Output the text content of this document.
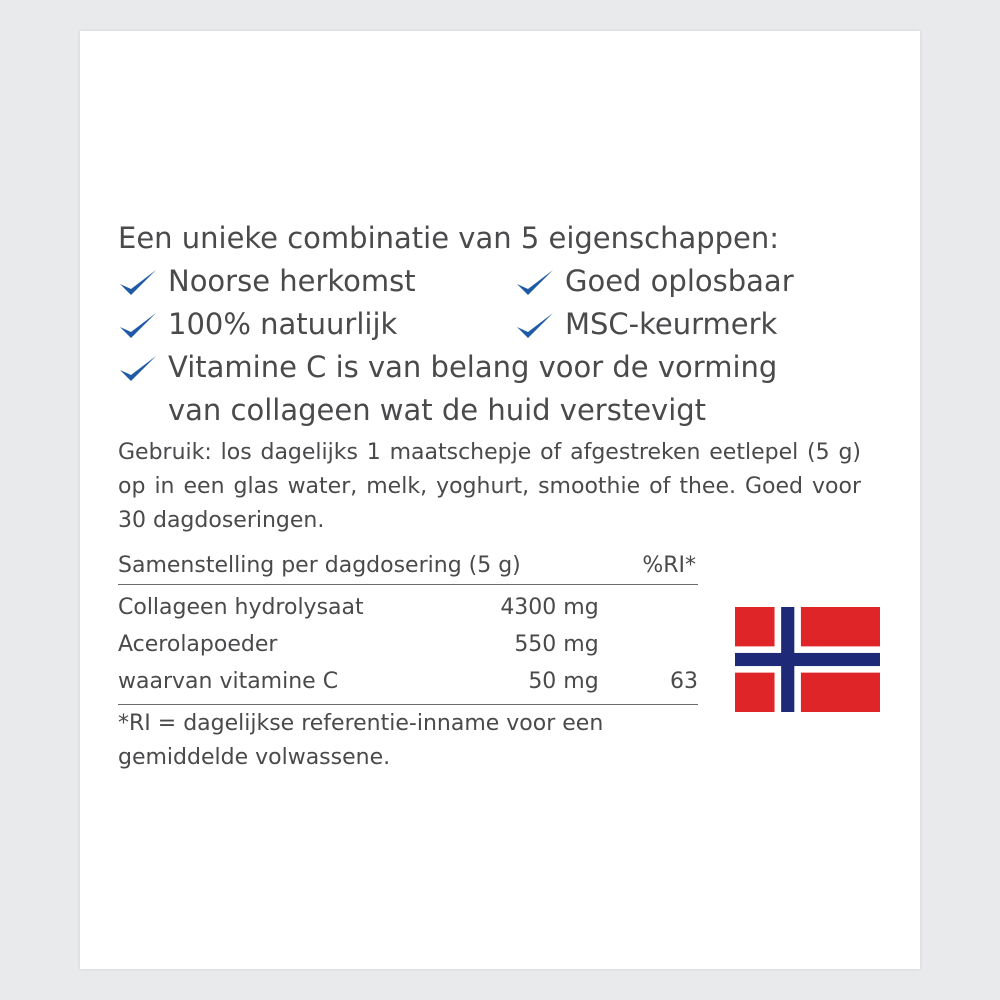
Een unieke combinatie van 5 eigenschappen:

Noorse herkomst	Goed oplosbaar
100% natuurlijk	MSC-keurmerk
Vitamine C is van belang voor de vorming
van collageen wat de huid verstevigt
Gebruik: los dagelijks 1 maatschepje of afgestreken eetlepel (5 g) op in een glas water, melk, yoghurt, smoothie of thee. Goed voor 30 dagdoseringen.
Samenstelling per dagdosering (5 g)		%RI*
Collageen hydrolysaat	4300 mg	
Acerolapoeder	550 mg	
waarvan vitamine C	50 mg	63
*RI = dagelijkse referentie-inname voor een gemiddelde volwassene.
